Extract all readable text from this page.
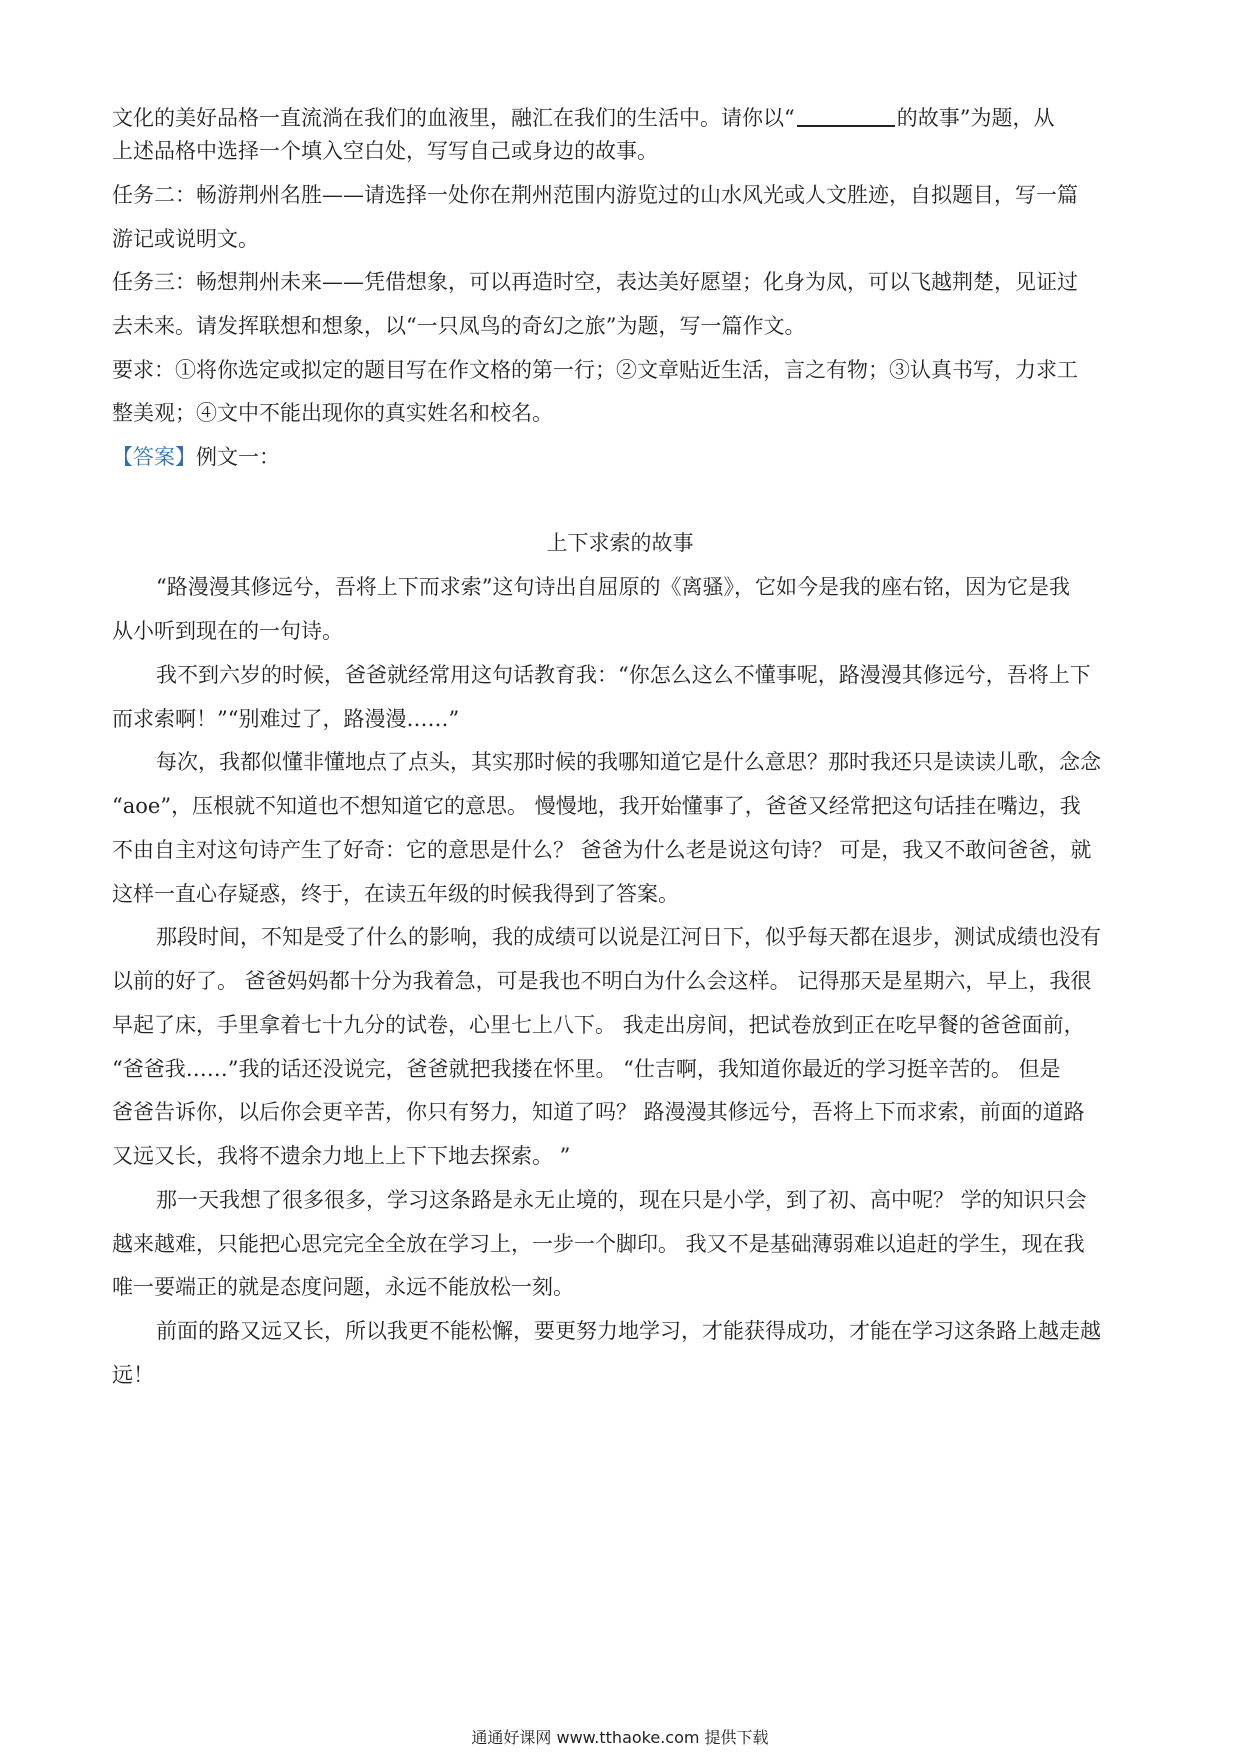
文化的美好品格一直流淌在我们的血液里，融汇在我们的生活中。请你以“	的故事”为题，从
上述品格中选择一个填入空白处，写写自己或身边的故事。
任务二：畅游荆州名胜——请选择一处你在荆州范围内游览过的山水风光或人文胜迹，自拟题目，写一篇
游记或说明文。
任务三：畅想荆州未来——凭借想象，可以再造时空，表达美好愿望；化身为凤，可以飞越荆楚，见证过
去未来。请发挥联想和想象，以“一只凤鸟的奇幻之旅”为题，写一篇作文。
要求：①将你选定或拟定的题目写在作文格的第一行；②文章贴近生活，言之有物；③认真书写，力求工
整美观；④文中不能出现你的真实姓名和校名。
【答案】例文一：
上下求索的故事
“路漫漫其修远兮，吾将上下而求索”这句诗出自屈原的《离骚》，它如今是我的座右铭，因为它是我
从小听到现在的一句诗。
我不到六岁的时候，爸爸就经常用这句话教育我：“你怎么这么不懂事呢，路漫漫其修远兮，吾将上下
而求索啊！”“别难过了，路漫漫……”
每次，我都似懂非懂地点了点头，其实那时候的我哪知道它是什么意思？那时我还只是读读儿歌，念念
“aoe”，压根就不知道也不想知道它的意思。 慢慢地，我开始懂事了，爸爸又经常把这句话挂在嘴边，我
不由自主对这句诗产生了好奇：它的意思是什么？ 爸爸为什么老是说这句诗？ 可是，我又不敢问爸爸，就
这样一直心存疑惑，终于，在读五年级的时候我得到了答案。
那段时间，不知是受了什么的影响，我的成绩可以说是江河日下，似乎每天都在退步，测试成绩也没有
以前的好了。 爸爸妈妈都十分为我着急，可是我也不明白为什么会这样。 记得那天是星期六，早上，我很
早起了床，手里拿着七十九分的试卷，心里七上八下。 我走出房间，把试卷放到正在吃早餐的爸爸面前，
“爸爸我……”我的话还没说完，爸爸就把我搂在怀里。 “仕吉啊，我知道你最近的学习挺辛苦的。 但是
爸爸告诉你，以后你会更辛苦，你只有努力，知道了吗？ 路漫漫其修远兮，吾将上下而求索，前面的道路
又远又长，我将不遗余力地上上下下地去探索。 ”
那一天我想了很多很多，学习这条路是永无止境的，现在只是小学，到了初、高中呢？ 学的知识只会
越来越难，只能把心思完完全全放在学习上，一步一个脚印。 我又不是基础薄弱难以追赶的学生，现在我
唯一要端正的就是态度问题，永远不能放松一刻。
前面的路又远又长，所以我更不能松懈，要更努力地学习，才能获得成功，才能在学习这条路上越走越
远！
通通好课网 www.tthaoke.com 提供下载
